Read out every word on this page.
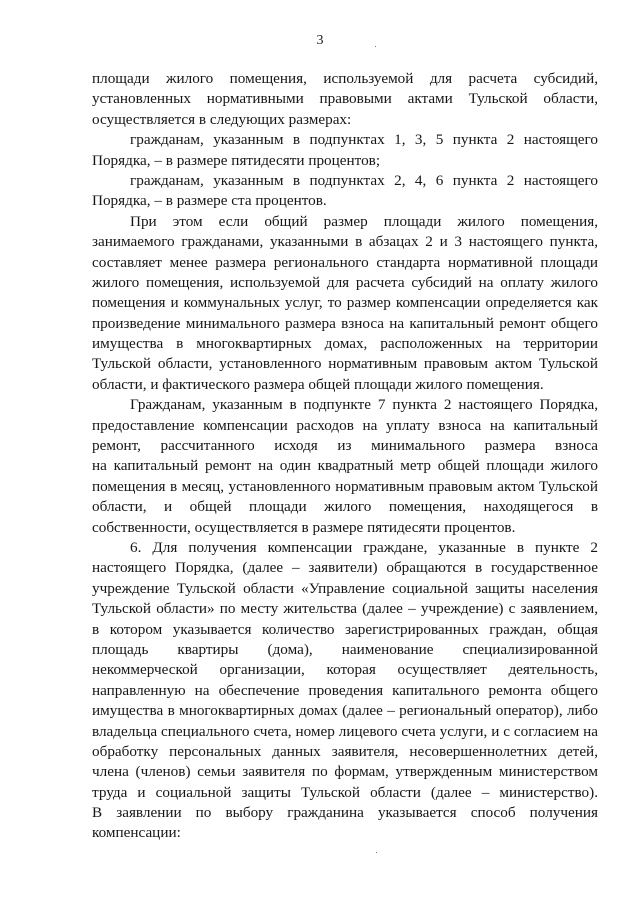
3
площади жилого помещения, используемой для расчета субсидий,
установленных нормативными правовыми актами Тульской области,
осуществляется в следующих размерах:
гражданам, указанным в подпунктах 1, 3, 5 пункта 2 настоящего
Порядка, – в размере пятидесяти процентов;
гражданам, указанным в подпунктах 2, 4, 6 пункта 2 настоящего
Порядка, – в размере ста процентов.
При этом если общий размер площади жилого помещения,
занимаемого гражданами, указанными в абзацах 2 и 3 настоящего пункта,
составляет менее размера регионального стандарта нормативной площади
жилого помещения, используемой для расчета субсидий на оплату жилого
помещения и коммунальных услуг, то размер компенсации определяется как
произведение минимального размера взноса на капитальный ремонт общего
имущества в многоквартирных домах, расположенных на территории
Тульской области, установленного нормативным правовым актом Тульской
области, и фактического размера общей площади жилого помещения.
Гражданам, указанным в подпункте 7 пункта 2 настоящего Порядка,
предоставление компенсации расходов на уплату взноса на капитальный
ремонт, рассчитанного исходя из минимального размера взноса
на капитальный ремонт на один квадратный метр общей площади жилого
помещения в месяц, установленного нормативным правовым актом Тульской
области, и общей площади жилого помещения, находящегося в
собственности, осуществляется в размере пятидесяти процентов.
6. Для получения компенсации граждане, указанные в пункте 2
настоящего Порядка, (далее – заявители) обращаются в государственное
учреждение Тульской области «Управление социальной защиты населения
Тульской области» по месту жительства (далее – учреждение) с заявлением,
в котором указывается количество зарегистрированных граждан, общая
площадь квартиры (дома), наименование специализированной
некоммерческой организации, которая осуществляет деятельность,
направленную на обеспечение проведения капитального ремонта общего
имущества в многоквартирных домах (далее – региональный оператор), либо
владельца специального счета, номер лицевого счета услуги, и с согласием на
обработку персональных данных заявителя, несовершеннолетних детей,
члена (членов) семьи заявителя по формам, утвержденным министерством
труда и социальной защиты Тульской области (далее – министерство).
В заявлении по выбору гражданина указывается способ получения
компенсации:
